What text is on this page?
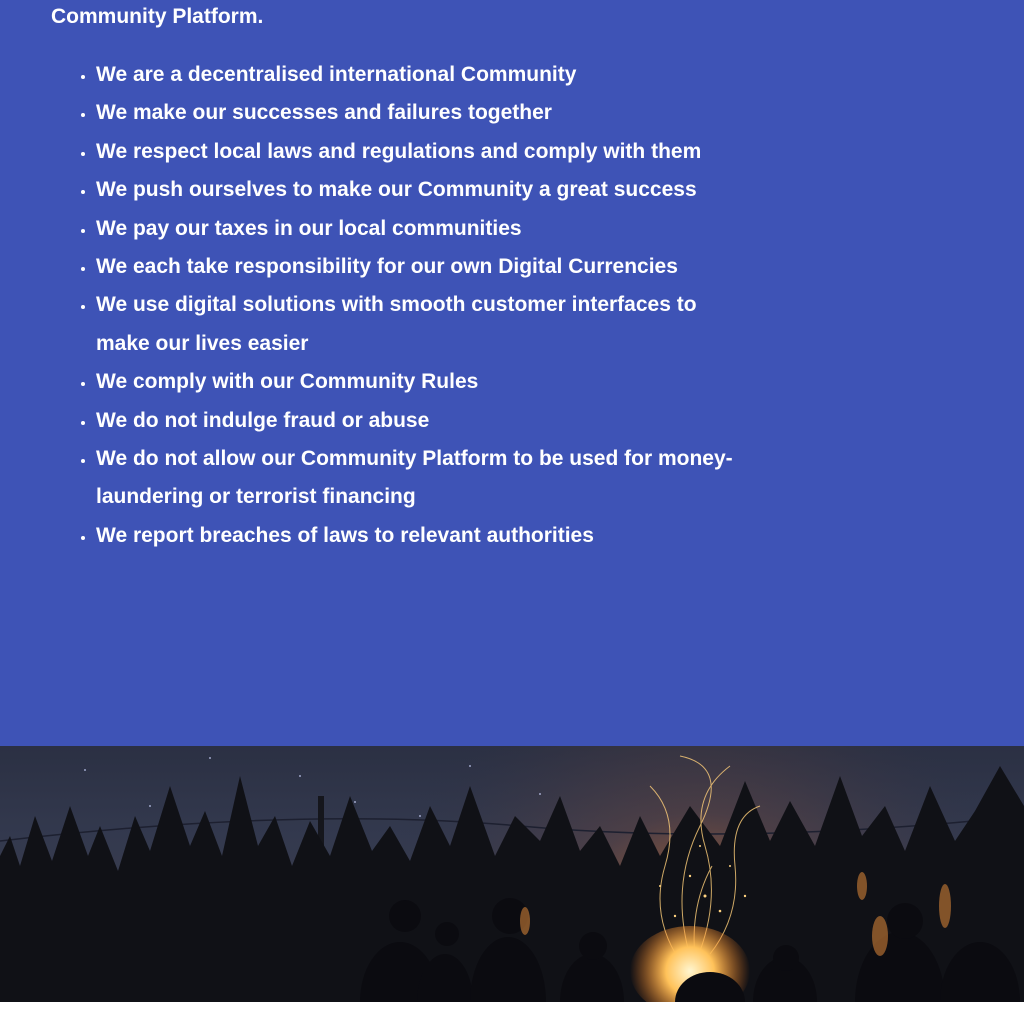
Community Platform.

• We are a decentralised international Community
• We make our successes and failures together
• We respect local laws and regulations and comply with them
• We push ourselves to make our Community a great success
• We pay our taxes in our local communities
• We each take responsibility for our own Digital Currencies
• We use digital solutions with smooth customer interfaces to make our lives easier
• We comply with our Community Rules
• We do not indulge fraud or abuse
• We do not allow our Community Platform to be used for money-laundering or terrorist financing
• We report breaches of laws to relevant authorities
